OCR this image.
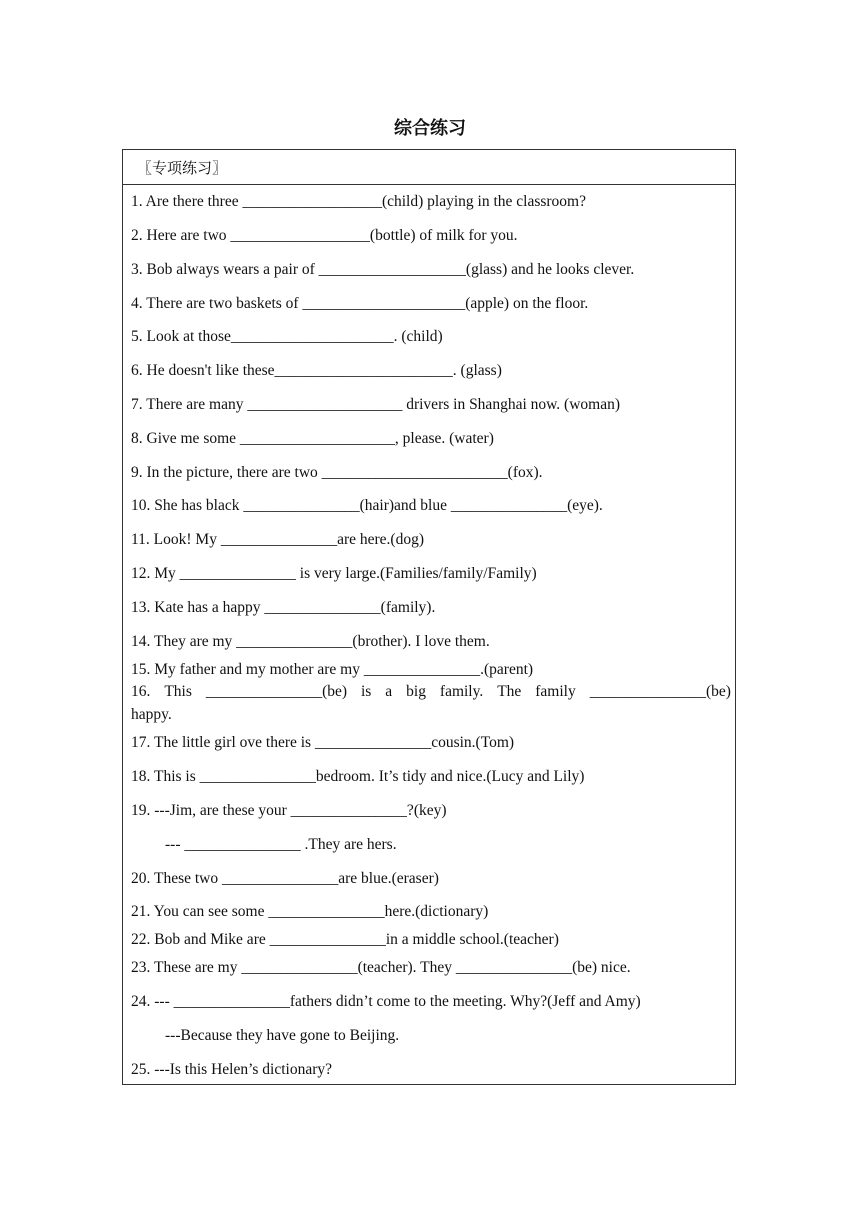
综合练习
〖专项练习〗
1. Are there three __________________(child) playing in the classroom?
2. Here are two __________________(bottle) of milk for you.
3. Bob always wears a pair of ___________________(glass) and he looks clever.
4. There are two baskets of _____________________(apple) on the floor.
5. Look at those_____________________. (child)
6. He doesn't like these_______________________. (glass)
7. There are many ____________________ drivers in Shanghai now. (woman)
8. Give me some ____________________, please. (water)
9. In the picture, there are two ________________________(fox).
10. She has black _______________(hair)and blue _______________(eye).
11. Look! My _______________are here.(dog)
12. My _______________ is very large.(Families/family/Family)
13. Kate has a happy _______________(family).
14. They are my _______________(brother). I love them.
15. My father and my mother are my _______________.(parent)
16. This _______________(be) is a big family. The family _______________(be)
happy.
17. The little girl ove there is _______________cousin.(Tom)
18. This is _______________bedroom. It’s tidy and nice.(Lucy and Lily)
19. ---Jim, are these your _______________?(key)
--- _______________ .They are hers.
20. These two _______________are blue.(eraser)
21. You can see some _______________here.(dictionary)
22. Bob and Mike are _______________in a middle school.(teacher)
23. These are my _______________(teacher). They _______________(be) nice.
24. --- _______________fathers didn’t come to the meeting. Why?(Jeff and Amy)
---Because they have gone to Beijing.
25. ---Is this Helen’s dictionary?
